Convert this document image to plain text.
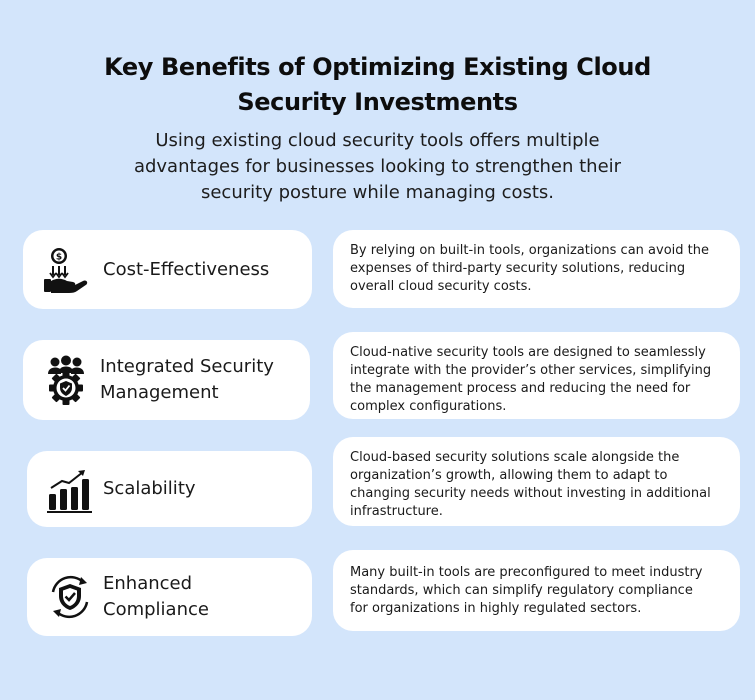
Key Benefits of Optimizing Existing Cloud
Security Investments
Using existing cloud security tools offers multiple
advantages for businesses looking to strengthen their
security posture while managing costs.
$
Cost-Effectiveness
By relying on built-in tools, organizations can avoid the
expenses of third-party security solutions, reducing
overall cloud security costs.
Integrated Security
Management
Cloud-native security tools are designed to seamlessly
integrate with the provider’s other services, simplifying
the management process and reducing the need for
complex configurations.
Scalability
Cloud-based security solutions scale alongside the
organization’s growth, allowing them to adapt to
changing security needs without investing in additional
infrastructure.
Enhanced
Compliance
Many built-in tools are preconfigured to meet industry
standards, which can simplify regulatory compliance
for organizations in highly regulated sectors.
